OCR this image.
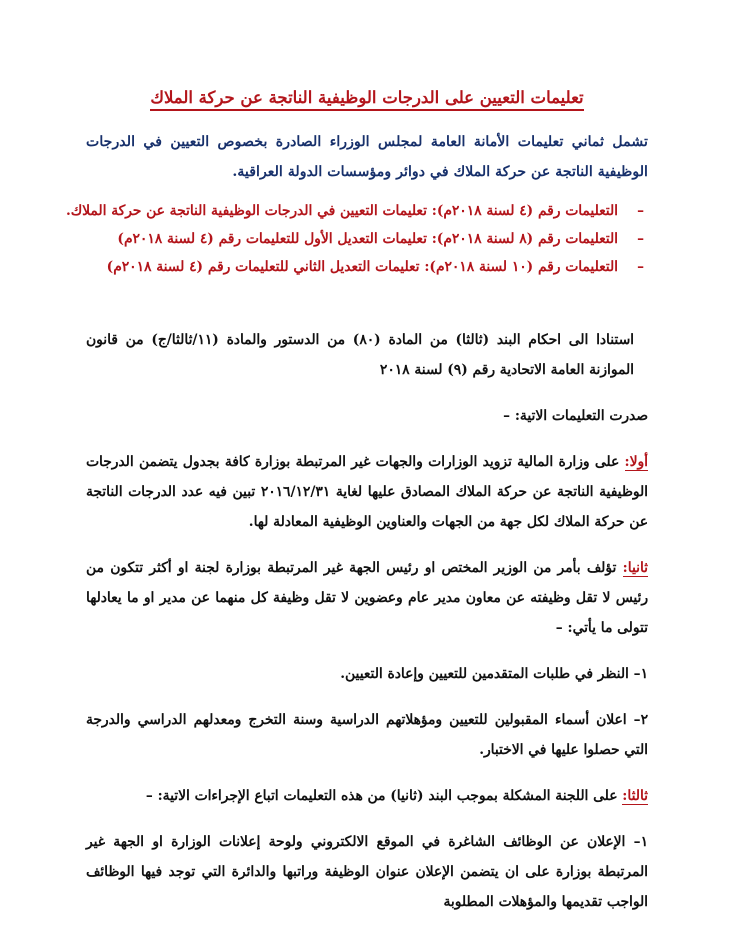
تعليمات التعيين على الدرجات الوظيفية الناتجة عن حركة الملاك

تشمل ثماني تعليمات الأمانة العامة لمجلس الوزراء الصادرة بخصوص التعيين في الدرجات الوظيفية الناتجة عن حركة الملاك في دوائر ومؤسسات الدولة العراقية.

–التعليمات رقم (٤ لسنة ٢٠١٨م): تعليمات التعيين في الدرجات الوظيفية الناتجة عن حركة الملاك.
–التعليمات رقم (٨ لسنة ٢٠١٨م): تعليمات التعديل الأول للتعليمات رقم (٤ لسنة ٢٠١٨م)
–التعليمات رقم (١٠ لسنة ٢٠١٨م): تعليمات التعديل الثاني للتعليمات رقم (٤ لسنة ٢٠١٨م)

استنادا الى احكام البند (ثالثا) من المادة (٨٠) من الدستور والمادة (١١/ثالثا/ج) من قانون الموازنة العامة الاتحادية رقم (٩) لسنة ٢٠١٨

صدرت التعليمات الاتية: –

أولا: على وزارة المالية تزويد الوزارات والجهات غير المرتبطة بوزارة كافة بجدول يتضمن الدرجات الوظيفية الناتجة عن حركة الملاك المصادق عليها لغاية ٢٠١٦/١٢/٣١ تبين فيه عدد الدرجات الناتجة عن حركة الملاك لكل جهة من الجهات والعناوين الوظيفية المعادلة لها.

ثانيا: تؤلف بأمر من الوزير المختص او رئيس الجهة غير المرتبطة بوزارة لجنة او أكثر تتكون من رئيس لا تقل وظيفته عن معاون مدير عام وعضوين لا تقل وظيفة كل منهما عن مدير او ما يعادلها تتولى ما يأتي: –

١– النظر في طلبات المتقدمين للتعيين وإعادة التعيين.

٢– اعلان أسماء المقبولين للتعيين ومؤهلاتهم الدراسية وسنة التخرج ومعدلهم الدراسي والدرجة التي حصلوا عليها في الاختبار.

ثالثا: على اللجنة المشكلة بموجب البند (ثانيا) من هذه التعليمات اتباع الإجراءات الاتية: –

١– الإعلان عن الوظائف الشاغرة في الموقع الالكتروني ولوحة إعلانات الوزارة او الجهة غير المرتبطة بوزارة على ان يتضمن الإعلان عنوان الوظيفة وراتبها والدائرة التي توجد فيها الوظائف الواجب تقديمها والمؤهلات المطلوبة
